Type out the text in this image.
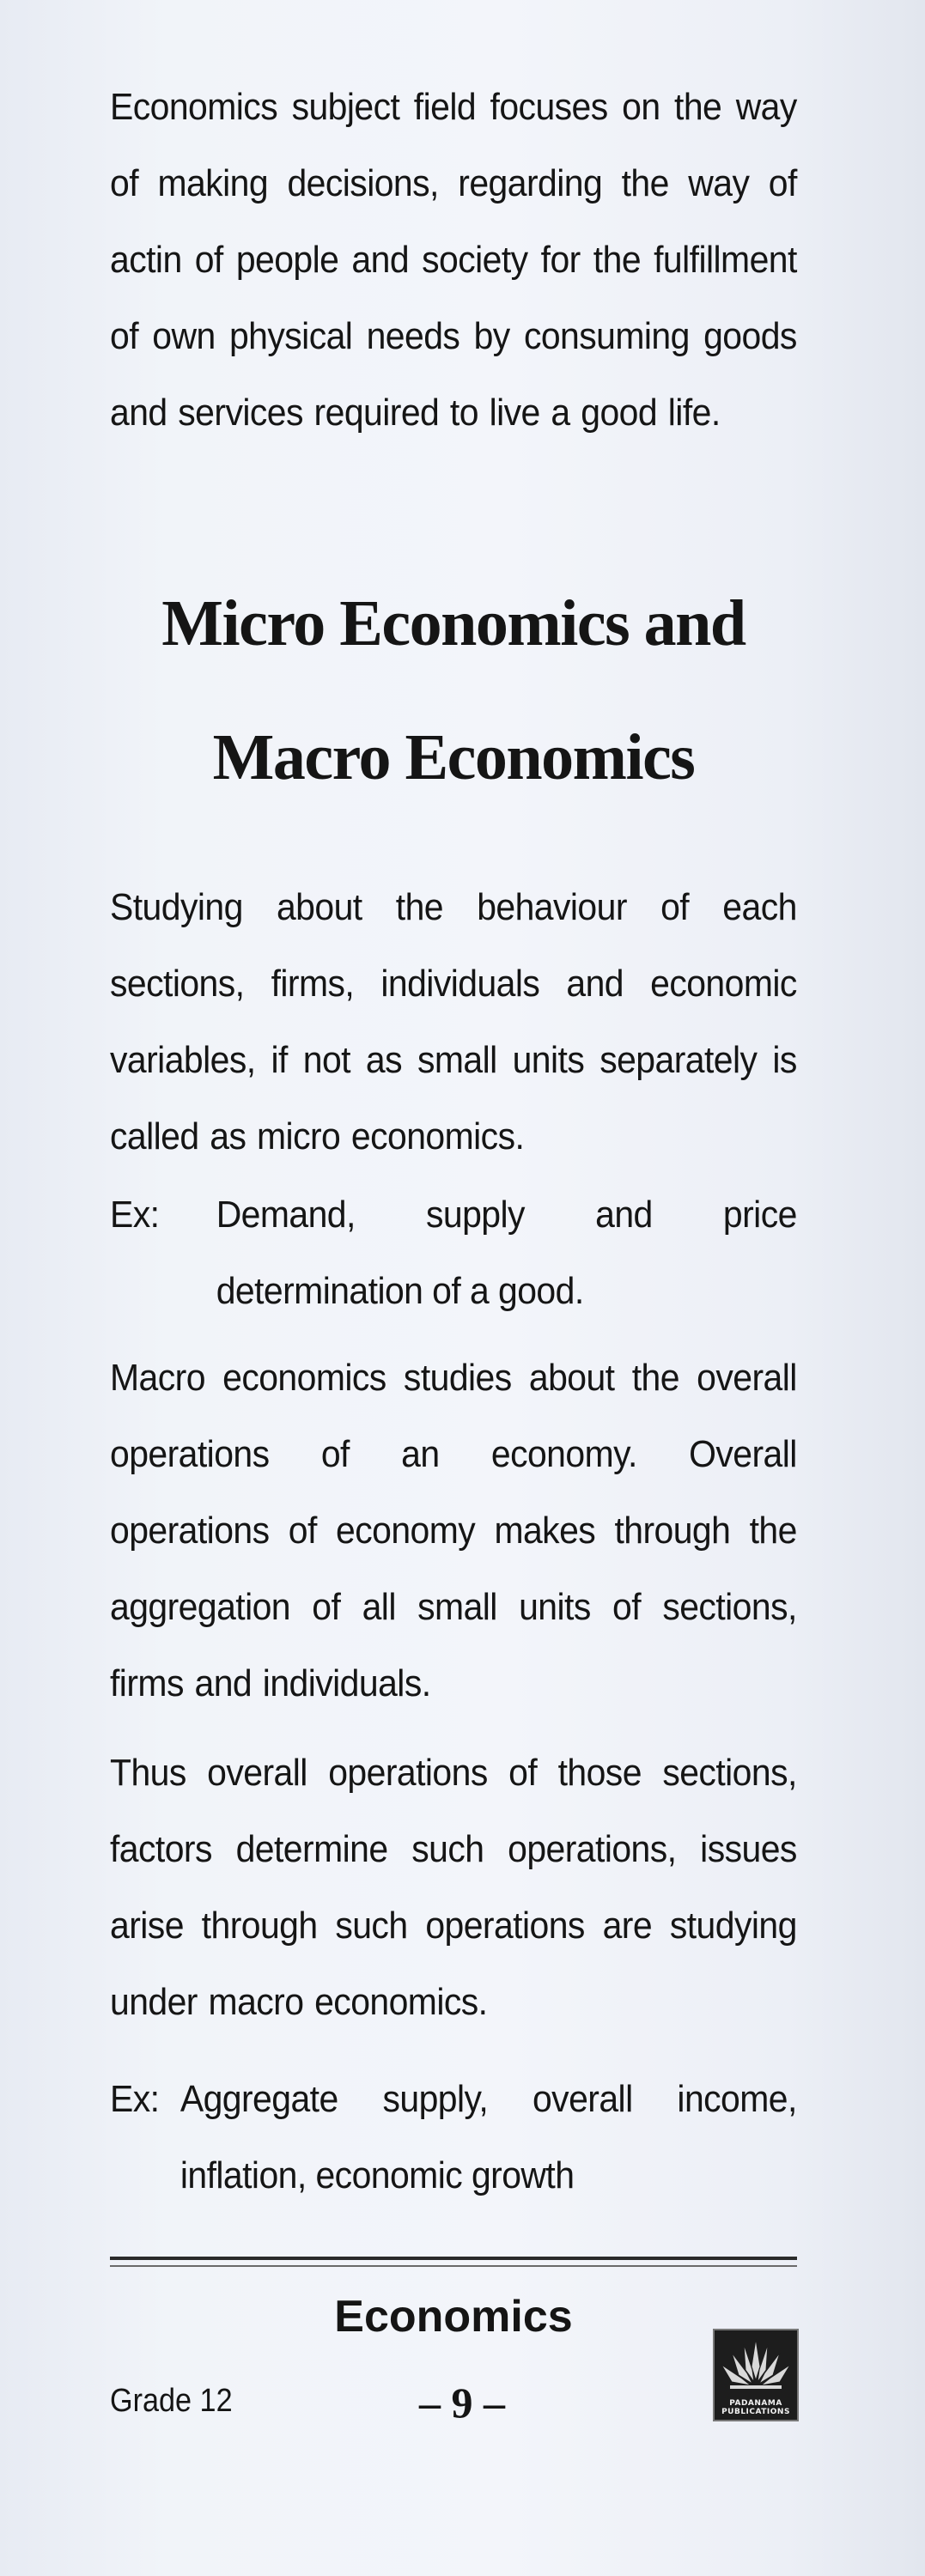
Economics subject field focuses on the way of making decisions, regarding the way of actin of people and society for the fulfillment of own physical needs by consuming goods and services required to live a good life.

Micro Economics and
Macro Economics

Studying about the behaviour of each sections, firms, individuals and economic variables, if not as small units separately is called as micro economics.

Ex: Demand, supply and price determination of a good.

Macro economics studies about the overall operations of an economy. Overall operations of economy makes through the aggregation of all small units of sections, firms and individuals.

Thus overall operations of those sections, factors determine such operations, issues arise through such operations are studying under macro economics.

Ex: Aggregate supply, overall income, inflation, economic growth
Economics
Grade 12	– 9 –	PADANAMA PUBLICATIONS
